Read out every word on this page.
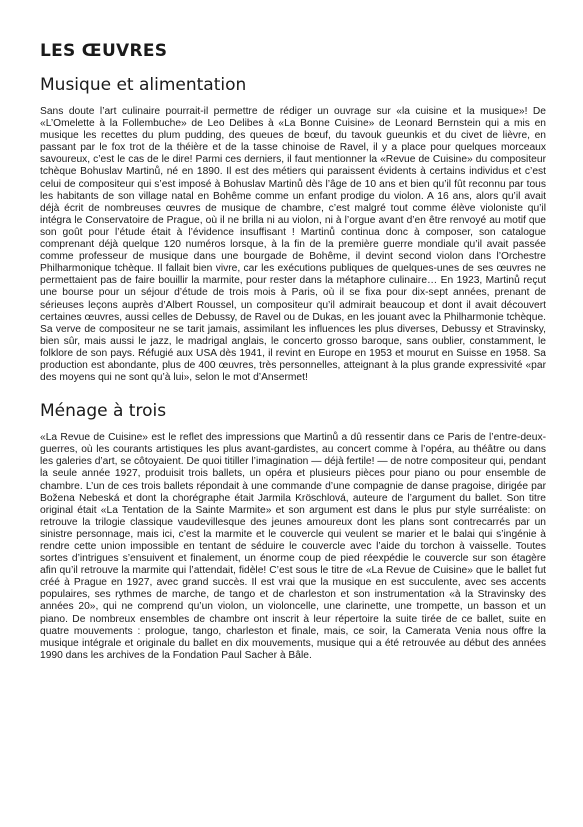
LES ŒUVRES
Musique et alimentation

Sans doute l’art culinaire pourrait-il permettre de rédiger un ouvrage sur «la cuisine et la musique»! De «L’Omelette à la Follembuche» de Leo Delibes à «La Bonne Cuisine» de Leonard Bernstein qui a mis en musique les recettes du plum pudding, des queues de bœuf, du tavouk gueunkis et du civet de lièvre, en passant par le fox trot de la théière et de la tasse chinoise de Ravel, il y a place pour quelques morceaux savoureux, c’est le cas de le dire! Parmi ces derniers, il faut mentionner la «Revue de Cuisine» du compositeur tchèque Bohuslav Martinů, né en 1890. Il est des métiers qui paraissent évidents à certains individus et c’est celui de compositeur qui s’est imposé à Bohuslav Martinů dès l’âge de 10 ans et bien qu’il fût reconnu par tous les habitants de son village natal en Bohême comme un enfant prodige du violon. A 16 ans, alors qu’il avait déjà écrit de nombreuses œuvres de musique de chambre, c’est malgré tout comme élève violoniste qu’il intégra le Conservatoire de Prague, où il ne brilla ni au violon, ni à l’orgue avant d’en être renvoyé au motif que son goût pour l’étude était à l’évidence insuffisant ! Martinů continua donc à composer, son catalogue comprenant déjà quelque 120 numéros lorsque, à la fin de la première guerre mondiale qu’il avait passée comme professeur de musique dans une bourgade de Bohême, il devint second violon dans l’Orchestre Philharmonique tchèque. Il fallait bien vivre, car les exécutions publiques de quelques-unes de ses œuvres ne permettaient pas de faire bouillir la marmite, pour rester dans la métaphore culinaire… En 1923, Martinů reçut une bourse pour un séjour d’étude de trois mois à Paris, où il se fixa pour dix-sept années, prenant de sérieuses leçons auprès d’Albert Roussel, un compositeur qu’il admirait beaucoup et dont il avait découvert certaines œuvres, aussi celles de Debussy, de Ravel ou de Dukas, en les jouant avec la Philharmonie tchèque. Sa verve de compositeur ne se tarit jamais, assimilant les influences les plus diverses, Debussy et Stravinsky, bien sûr, mais aussi le jazz, le madrigal anglais, le concerto grosso baroque, sans oublier, constamment, le folklore de son pays. Réfugié aux USA dès 1941, il revint en Europe en 1953 et mourut en Suisse en 1958. Sa production est abondante, plus de 400 œuvres, très personnelles, atteignant à la plus grande expressivité «par des moyens qui ne sont qu’à lui», selon le mot d’Ansermet!

Ménage à trois

«La Revue de Cuisine» est le reflet des impressions que Martinů a dû ressentir dans ce Paris de l’entre-deux-guerres, où les courants artistiques les plus avant-gardistes, au concert comme à l’opéra, au théâtre ou dans les galeries d’art, se côtoyaient. De quoi titiller l’imagination — déjà fertile! — de notre compositeur qui, pendant la seule année 1927, produisit trois ballets, un opéra et plusieurs pièces pour piano ou pour ensemble de chambre. L’un de ces trois ballets répondait à une commande d’une compagnie de danse pragoise, dirigée par Božena Nebeská et dont la chorégraphe était Jarmila Kröschlová, auteure de l’argument du ballet. Son titre original était «La Tentation de la Sainte Marmite» et son argument est dans le plus pur style surréaliste: on retrouve la trilogie classique vaudevillesque des jeunes amoureux dont les plans sont contrecarrés par un sinistre personnage, mais ici, c’est la marmite et le couvercle qui veulent se marier et le balai qui s’ingénie à rendre cette union impossible en tentant de séduire le couvercle avec l’aide du torchon à vaisselle. Toutes sortes d’intrigues s’ensuivent et finalement, un énorme coup de pied réexpédie le couvercle sur son étagère afin qu’il retrouve la marmite qui l’attendait, fidèle! C’est sous le titre de «La Revue de Cuisine» que le ballet fut créé à Prague en 1927, avec grand succès. Il est vrai que la musique en est succulente, avec ses accents populaires, ses rythmes de marche, de tango et de charleston et son instrumentation «à la Stravinsky des années 20», qui ne comprend qu’un violon, un violoncelle, une clarinette, une trompette, un basson et un piano. De nombreux ensembles de chambre ont inscrit à leur répertoire la suite tirée de ce ballet, suite en quatre mouvements : prologue, tango, charleston et finale, mais, ce soir, la Camerata Venia nous offre la musique intégrale et originale du ballet en dix mouvements, musique qui a été retrouvée au début des années 1990 dans les archives de la Fondation Paul Sacher à Bâle.
